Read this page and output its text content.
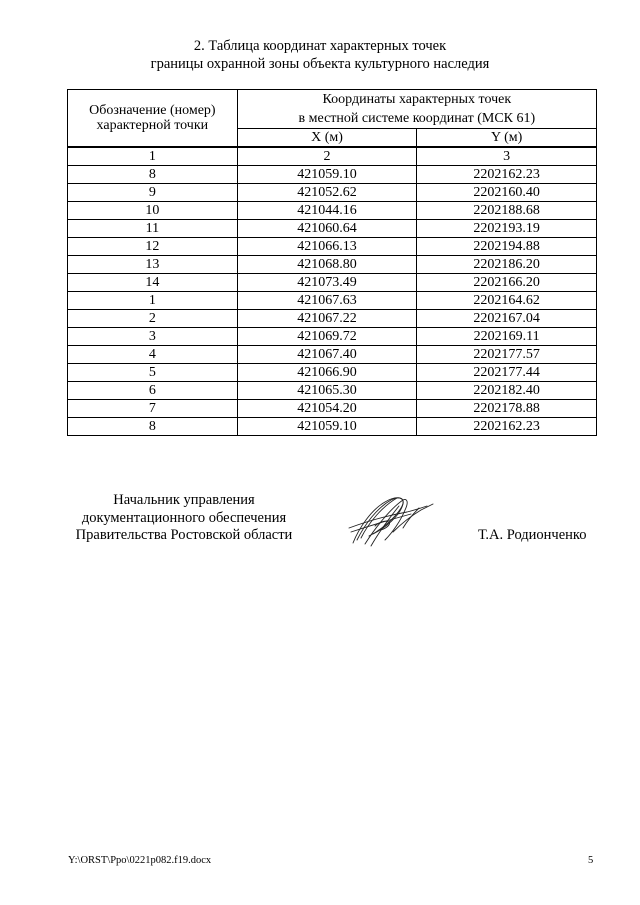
2. Таблица координат характерных точек
границы охранной зоны объекта культурного наследия
Обозначение (номер)
характерной точки	Координаты характерных точек
в местной системе координат (МСК 61)	
	X (м)	Y (м)
1	2	3
8	421059.10	2202162.23
9	421052.62	2202160.40
10	421044.16	2202188.68
11	421060.64	2202193.19
12	421066.13	2202194.88
13	421068.80	2202186.20
14	421073.49	2202166.20
1	421067.63	2202164.62
2	421067.22	2202167.04
3	421069.72	2202169.11
4	421067.40	2202177.57
5	421066.90	2202177.44
6	421065.30	2202182.40
7	421054.20	2202178.88
8	421059.10	2202162.23
Начальник управления
документационного обеспечения
Правительства Ростовской области	Т.А. Родионченко
Y:\ORST\Ppo\0221p082.f19.docx	5
